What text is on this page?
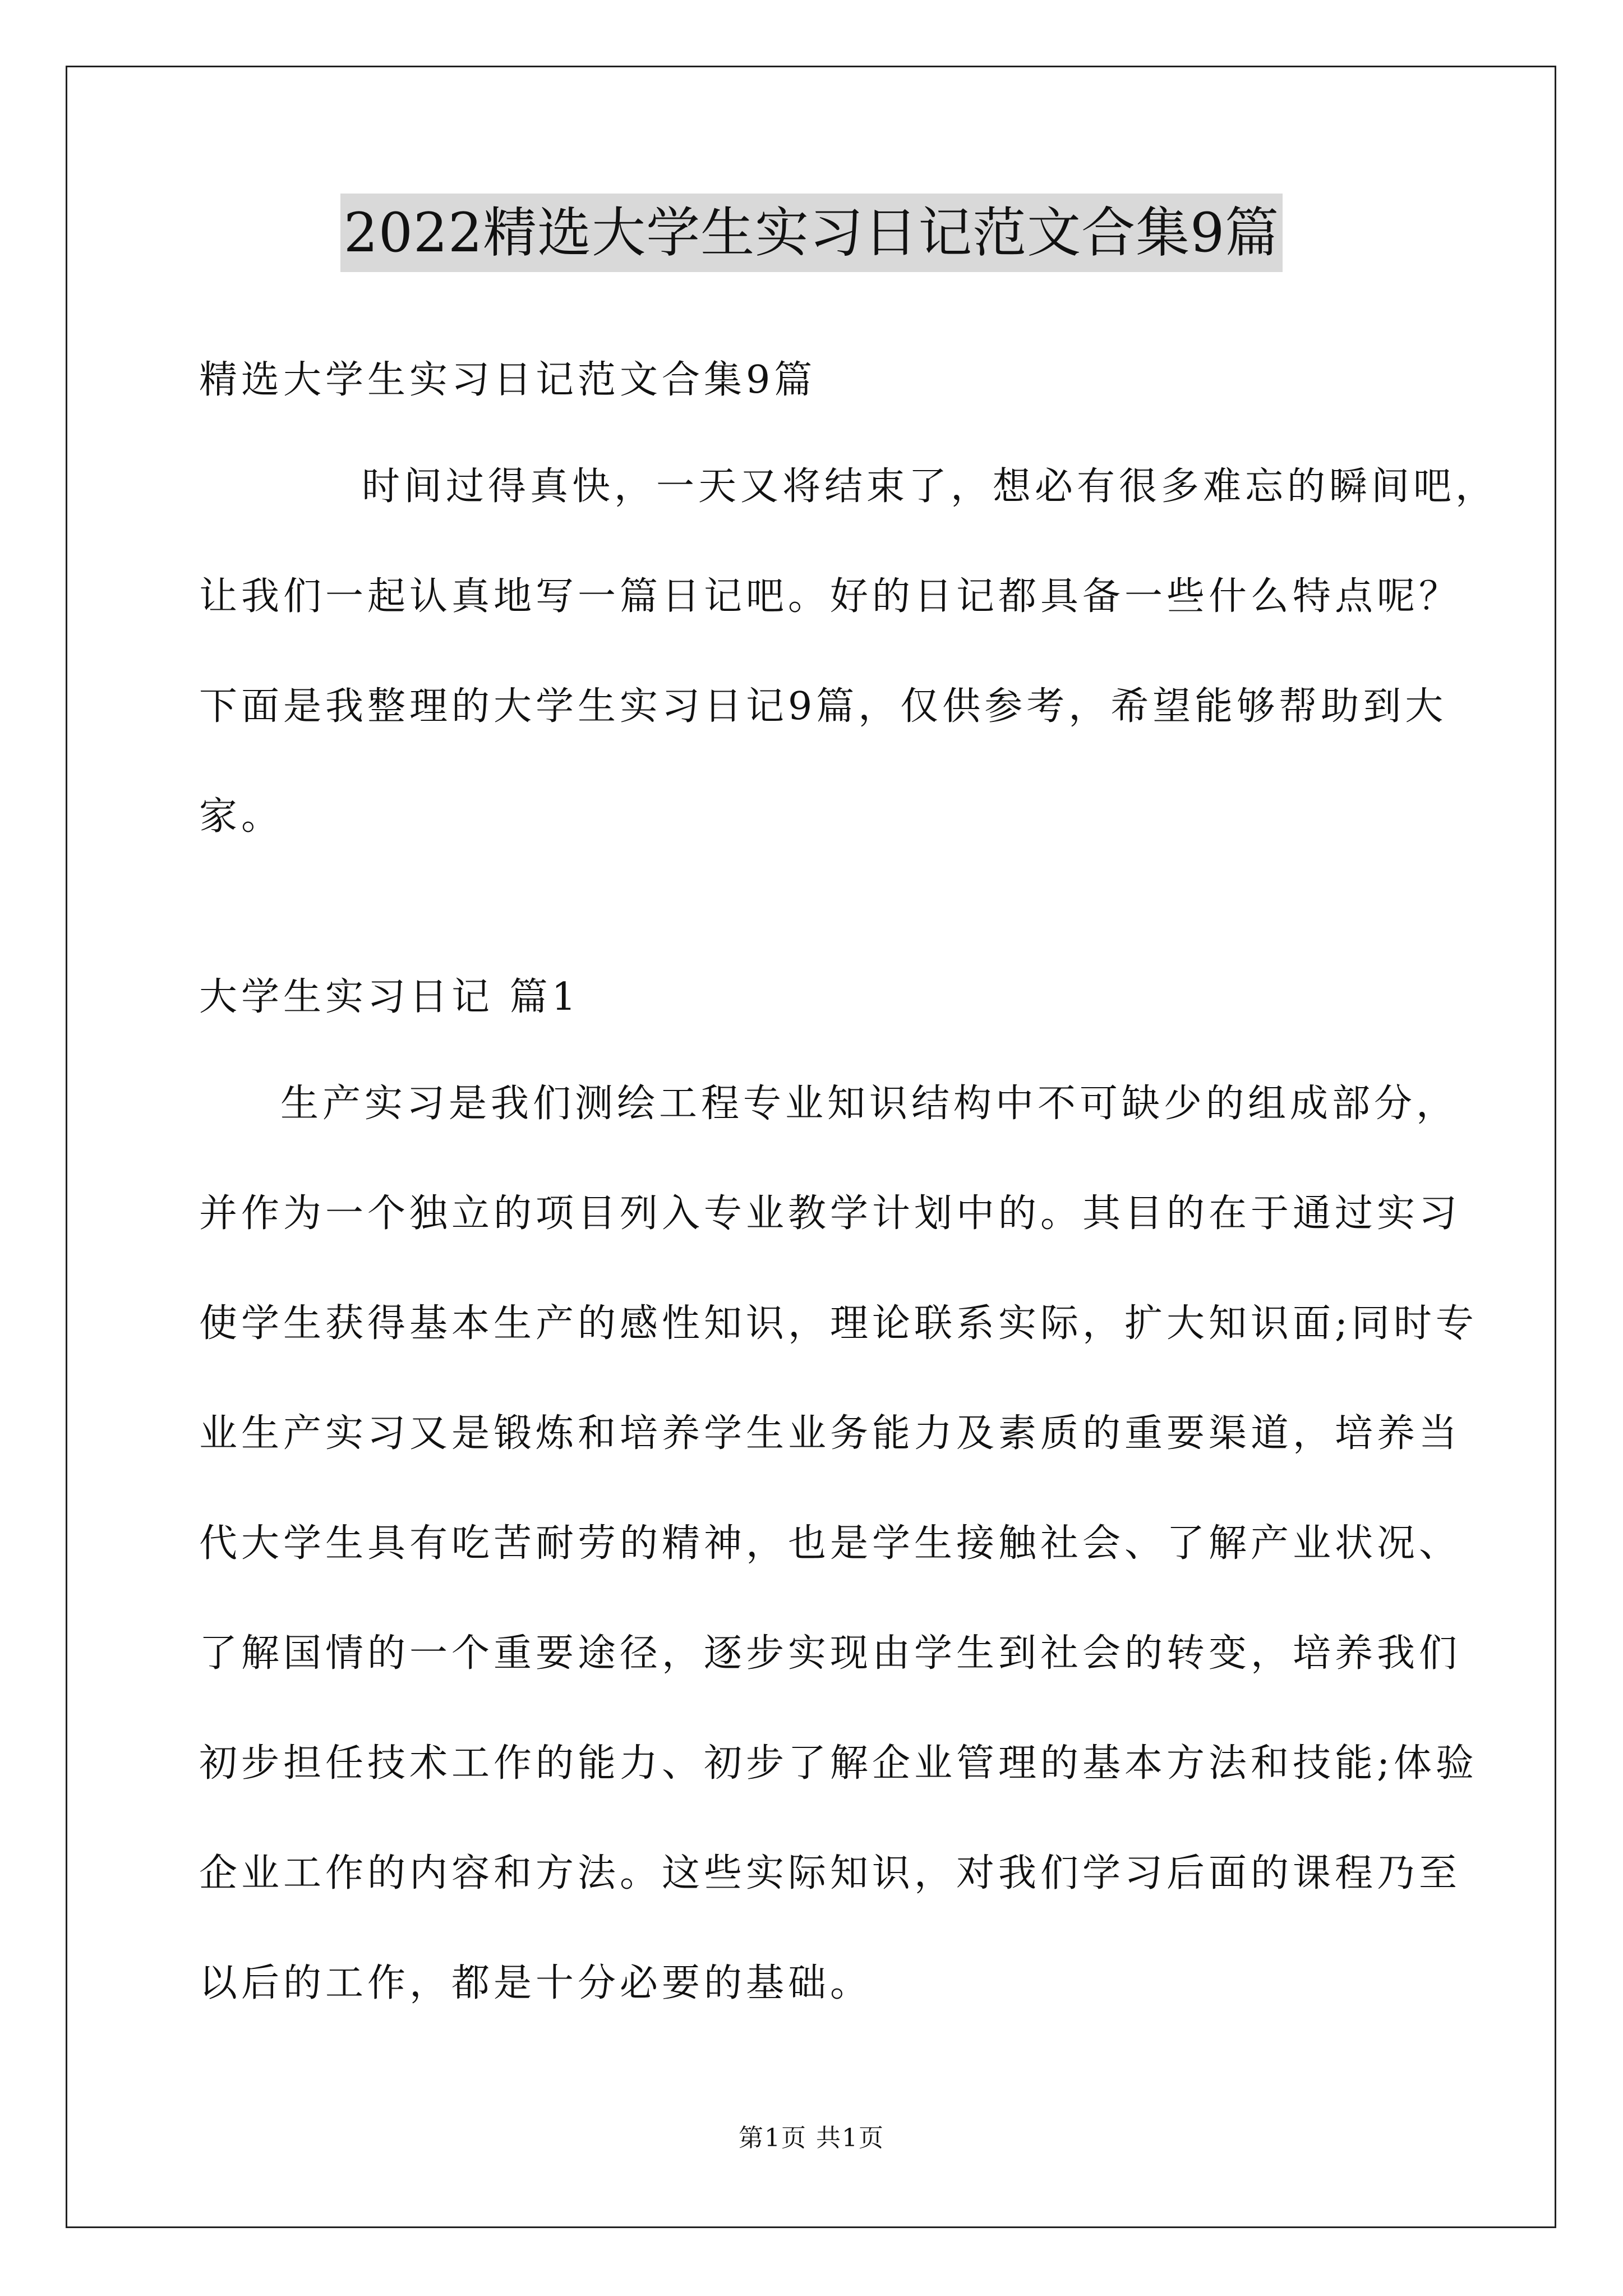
2022精选大学生实习日记范文合集9篇
精选大学生实习日记范文合集9篇
时间过得真快，一天又将结束了，想必有很多难忘的瞬间吧，
让我们一起认真地写一篇日记吧。好的日记都具备一些什么特点呢？
下面是我整理的大学生实习日记9篇，仅供参考，希望能够帮助到大
家。
大学生实习日记 篇1
生产实习是我们测绘工程专业知识结构中不可缺少的组成部分，
并作为一个独立的项目列入专业教学计划中的。其目的在于通过实习
使学生获得基本生产的感性知识，理论联系实际，扩大知识面;同时专
业生产实习又是锻炼和培养学生业务能力及素质的重要渠道，培养当
代大学生具有吃苦耐劳的精神，也是学生接触社会、了解产业状况、
了解国情的一个重要途径，逐步实现由学生到社会的转变，培养我们
初步担任技术工作的能力、初步了解企业管理的基本方法和技能;体验
企业工作的内容和方法。这些实际知识，对我们学习后面的课程乃至
以后的工作，都是十分必要的基础。
第1页 共1页
